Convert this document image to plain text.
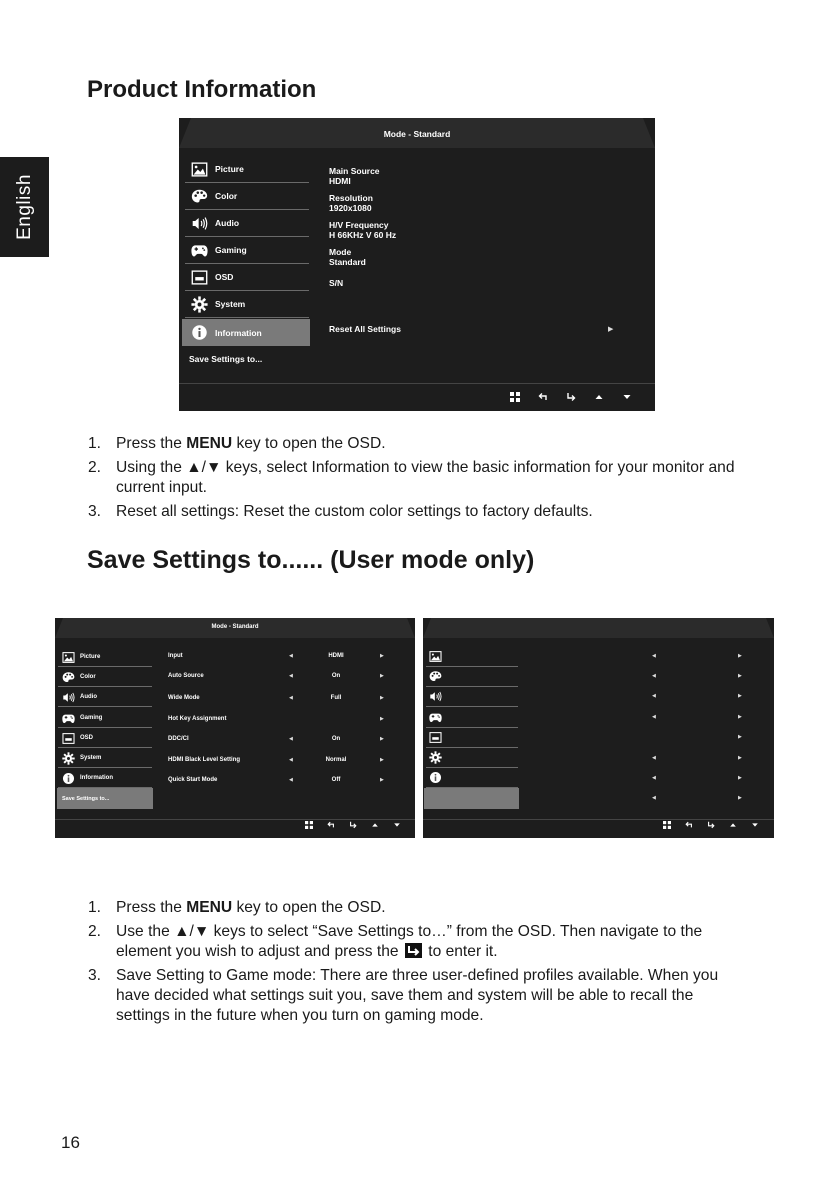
English
Product Information
Mode - Standard
Picture
Color
Audio
Gaming
OSD
System
Information
Save Settings to...
Main Source
HDMI
Resolution
1920x1080
H/V Frequency
H 66KHz V 60 Hz
Mode
Standard
S/N
Reset All Settings	▶
Save Settings to...... (User mode only)
Mode - Standard
Picture
Color
Audio
Gaming
OSD
System
Information
Save Settings to...
Input	◀	HDMI	▶
Auto Source	◀	On	▶
Wide Mode	◀	Full	▶
Hot Key Assignment	▶
DDC/CI	◀	On	▶
HDMI Black Level Setting	◀	Normal	▶
Quick Start Mode	◀	Off	▶
◀	▶
◀	▶
◀	▶
◀	▶
▶
◀	▶
◀	▶
◀	▶
1. Press the MENU key to open the OSD.
2. Using the ▲/▼ keys, select Information to view the basic information for your monitor and current input.
3. Reset all settings: Reset the custom color settings to factory defaults.
1. Press the MENU key to open the OSD.
2. Use the ▲/▼ keys to select “Save Settings to…” from the OSD. Then navigate to the element you wish to adjust and press the
to enter it.
3. Save Setting to Game mode: There are three user-defined profiles available. When you have decided what settings suit you, save them and system will be able to recall the settings in the future when you turn on gaming mode.
16
